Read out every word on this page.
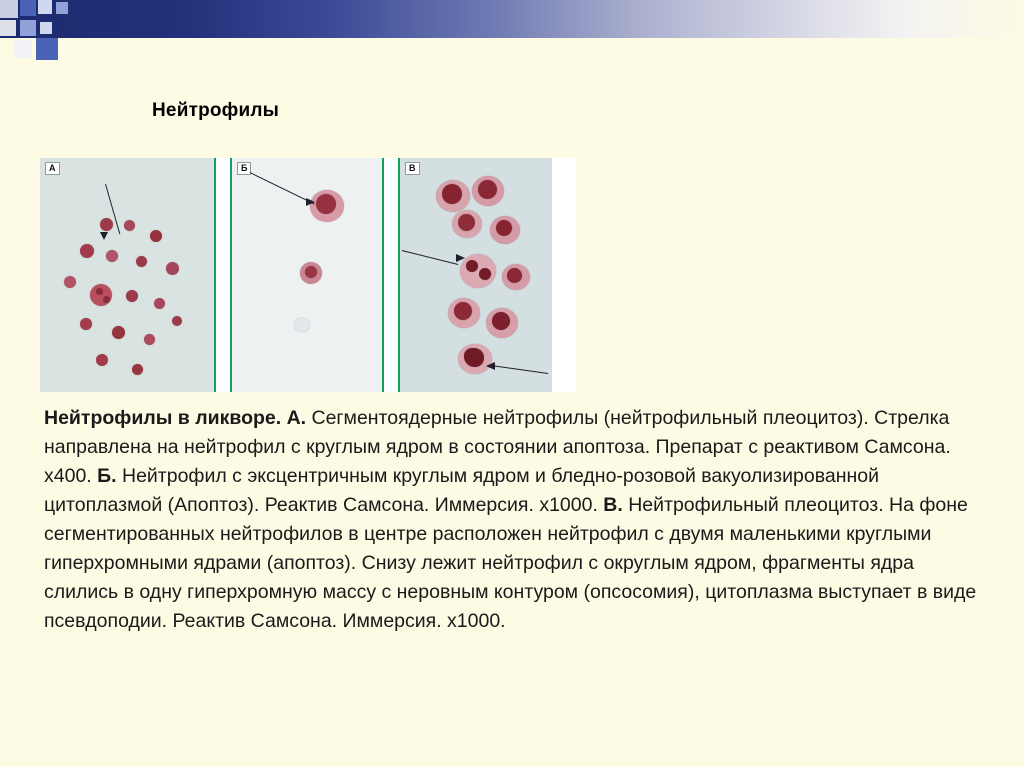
Нейтрофилы
А	Б	В
Нейтрофилы в ликворе. А. Сегментоядерные нейтрофилы (нейтрофильный плеоцитоз). Стрелка направлена на нейтрофил с круглым ядром в состоянии апоптоза. Препарат с реактивом Самсона. х400. Б. Нейтрофил с эксцентричным круглым ядром и бледно-розовой вакуолизированной цитоплазмой (Апоптоз). Реактив Самсона. Иммерсия. х1000. В. Нейтрофильный плеоцитоз. На фоне сегментированных нейтрофилов в центре расположен нейтрофил с двумя маленькими круглыми гиперхромными ядрами (апоптоз). Снизу лежит нейтрофил с округлым ядром, фрагменты ядра слились в одну гиперхромную массу с неровным контуром (опсосомия), цитоплазма выступает в виде псевдоподии. Реактив Самсона. Иммерсия. х1000.
